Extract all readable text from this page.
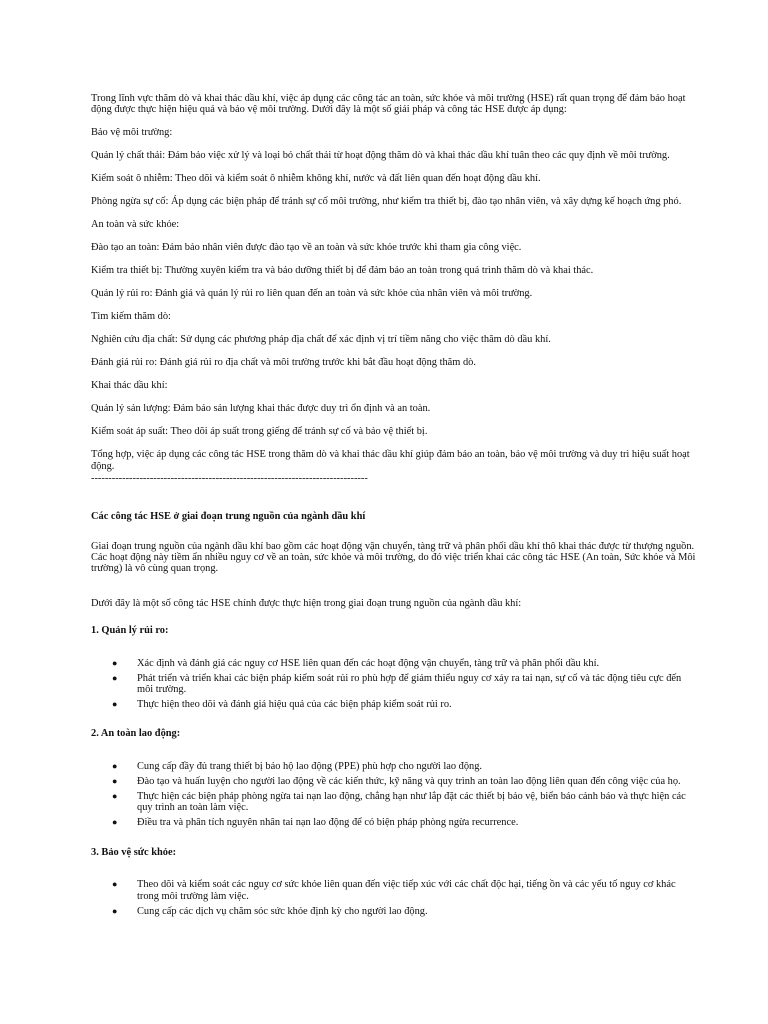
Trong lĩnh vực thăm dò và khai thác dầu khí, việc áp dụng các công tác an toàn, sức khỏe và môi trường (HSE) rất quan trọng để đảm bảo hoạt động được thực hiện hiệu quả và bảo vệ môi trường. Dưới đây là một số giải pháp và công tác HSE được áp dụng:

Bảo vệ môi trường:

Quản lý chất thải: Đảm bảo việc xử lý và loại bỏ chất thải từ hoạt động thăm dò và khai thác dầu khí tuân theo các quy định về môi trường.

Kiểm soát ô nhiễm: Theo dõi và kiểm soát ô nhiễm không khí, nước và đất liên quan đến hoạt động dầu khí.

Phòng ngừa sự cố: Áp dụng các biện pháp để tránh sự cố môi trường, như kiểm tra thiết bị, đào tạo nhân viên, và xây dựng kế hoạch ứng phó.

An toàn và sức khỏe:

Đào tạo an toàn: Đảm bảo nhân viên được đào tạo về an toàn và sức khỏe trước khi tham gia công việc.

Kiểm tra thiết bị: Thường xuyên kiểm tra và bảo dưỡng thiết bị để đảm bảo an toàn trong quá trình thăm dò và khai thác.

Quản lý rủi ro: Đánh giá và quản lý rủi ro liên quan đến an toàn và sức khỏe của nhân viên và môi trường.

Tìm kiếm thăm dò:

Nghiên cứu địa chất: Sử dụng các phương pháp địa chất để xác định vị trí tiềm năng cho việc thăm dò dầu khí.

Đánh giá rủi ro: Đánh giá rủi ro địa chất và môi trường trước khi bắt đầu hoạt động thăm dò.

Khai thác dầu khí:

Quản lý sản lượng: Đảm bảo sản lượng khai thác được duy trì ổn định và an toàn.

Kiểm soát áp suất: Theo dõi áp suất trong giếng để tránh sự cố và bảo vệ thiết bị.

Tổng hợp, việc áp dụng các công tác HSE trong thăm dò và khai thác dầu khí giúp đảm bảo an toàn, bảo vệ môi trường và duy trì hiệu suất hoạt động.

--------------------------------------------------------------------------------

Các công tác HSE ở giai đoạn trung nguồn của ngành dầu khí

Giai đoạn trung nguồn của ngành dầu khí bao gồm các hoạt động vận chuyển, tàng trữ và phân phối dầu khí thô khai thác được từ thượng nguồn. Các hoạt động này tiềm ẩn nhiều nguy cơ về an toàn, sức khỏe và môi trường, do đó việc triển khai các công tác HSE (An toàn, Sức khỏe và Môi trường) là vô cùng quan trọng.

Dưới đây là một số công tác HSE chính được thực hiện trong giai đoạn trung nguồn của ngành dầu khí:

1. Quản lý rủi ro:

● Xác định và đánh giá các nguy cơ HSE liên quan đến các hoạt động vận chuyển, tàng trữ và phân phối dầu khí.
● Phát triển và triển khai các biện pháp kiểm soát rủi ro phù hợp để giảm thiểu nguy cơ xảy ra tai nạn, sự cố và tác động tiêu cực đến môi trường.
● Thực hiện theo dõi và đánh giá hiệu quả của các biện pháp kiểm soát rủi ro.

2. An toàn lao động:

● Cung cấp đầy đủ trang thiết bị bảo hộ lao động (PPE) phù hợp cho người lao động.
● Đào tạo và huấn luyện cho người lao động về các kiến thức, kỹ năng và quy trình an toàn lao động liên quan đến công việc của họ.
● Thực hiện các biện pháp phòng ngừa tai nạn lao động, chẳng hạn như lắp đặt các thiết bị bảo vệ, biển báo cảnh báo và thực hiện các quy trình an toàn làm việc.
● Điều tra và phân tích nguyên nhân tai nạn lao động để có biện pháp phòng ngừa recurrence.

3. Bảo vệ sức khỏe:

● Theo dõi và kiểm soát các nguy cơ sức khỏe liên quan đến việc tiếp xúc với các chất độc hại, tiếng ồn và các yếu tố nguy cơ khác trong môi trường làm việc.
● Cung cấp các dịch vụ chăm sóc sức khỏe định kỳ cho người lao động.
